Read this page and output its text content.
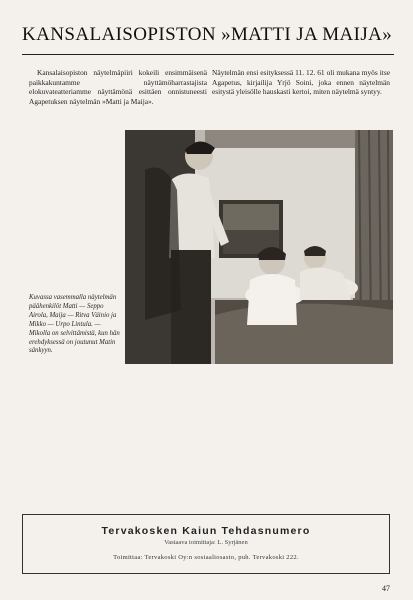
KANSALAISOPISTON »MATTI JA MAIJA»
Kansalaisopiston näytelmäpiiri kokeili ensimmäisenä paikkakuntamme näyttämöharrastajista elokuvateatteriamme näyttämönä esittäen onnistuneesti Agapetuksen näytelmän »Matti ja Maija».
Näytelmän ensi esityksessä 11. 12. 61 oli mukana myös itse Agapetus, kirjailija Yrjö Soini, joka ennen näytelmän esitystä yleisölle hauskasti kertoi, miten näytelmä syntyy.
Kuvassa vasemmalla näytelmän päähenkilöt Matti — Seppo Airola, Maija — Ritva Väinio ja Mikko — Urpo Lintula. — Mikolla on selvittämistä, kun hän erehdyksessä on joutunut Matin sänkyyn.
Tervakosken Kaiun Tehdasnumero
Vastaava toimittaja: L. Syrjänen
Toimittaa: Tervakoski Oy:n sosiaaliosasto, puh. Tervakoski 222.
47
